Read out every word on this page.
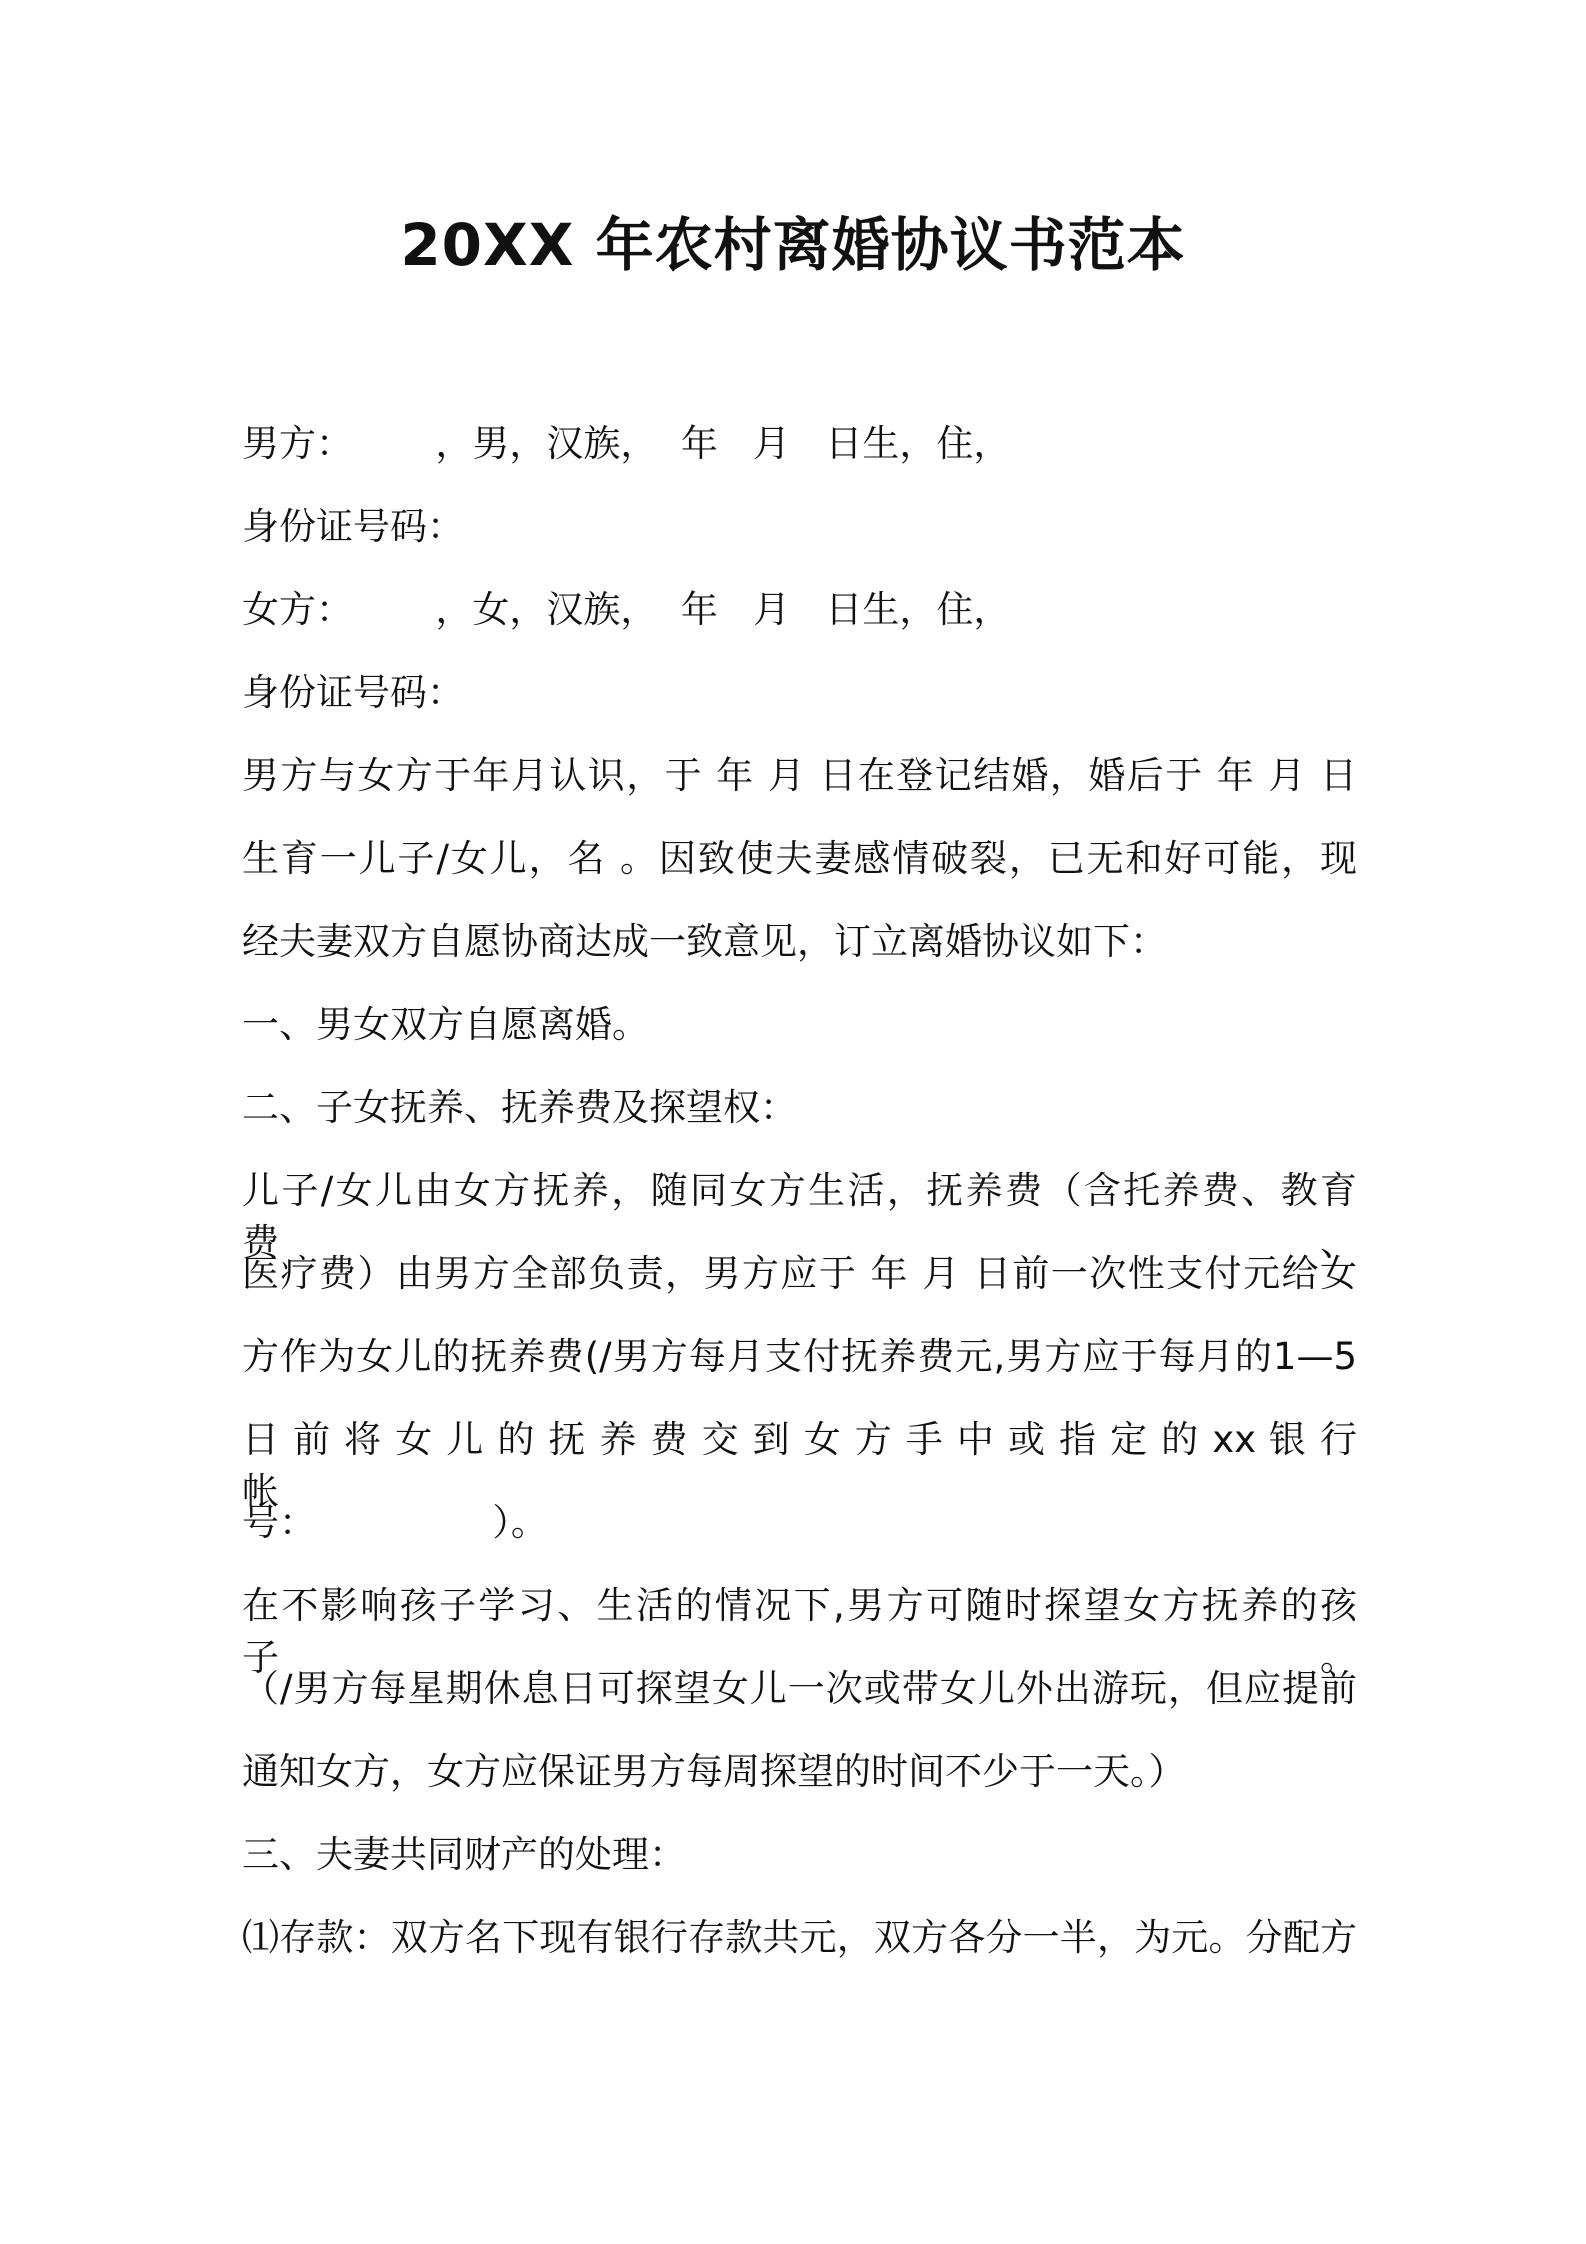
20XX 年农村离婚协议书范本
男方：       ，男，汉族，  年   月   日生，住，
身份证号码：
女方：       ，女，汉族，  年   月   日生，住，
身份证号码：
男方与女方于年月认识，于 年 月 日在登记结婚，婚后于 年 月 日
生育一儿子/女儿，名 。因致使夫妻感情破裂，已无和好可能，现
经夫妻双方自愿协商达成一致意见，订立离婚协议如下：
一、男女双方自愿离婚。
二、子女抚养、抚养费及探望权：
儿子/女儿由女方抚养，随同女方生活，抚养费（含托养费、教育费、
医疗费）由男方全部负责，男方应于 年 月 日前一次性支付元给女
方作为女儿的抚养费(/男方每月支付抚养费元,男方应于每月的1—5
日 前 将 女 儿 的 抚 养 费 交 到 女 方 手 中 或 指 定 的 xx 银 行 帐
号：               ）。
在不影响孩子学习、生活的情况下,男方可随时探望女方抚养的孩子。
（/男方每星期休息日可探望女儿一次或带女儿外出游玩，但应提前
通知女方，女方应保证男方每周探望的时间不少于一天。）
三、夫妻共同财产的处理：
⑴存款：双方名下现有银行存款共元，双方各分一半，为元。分配方
